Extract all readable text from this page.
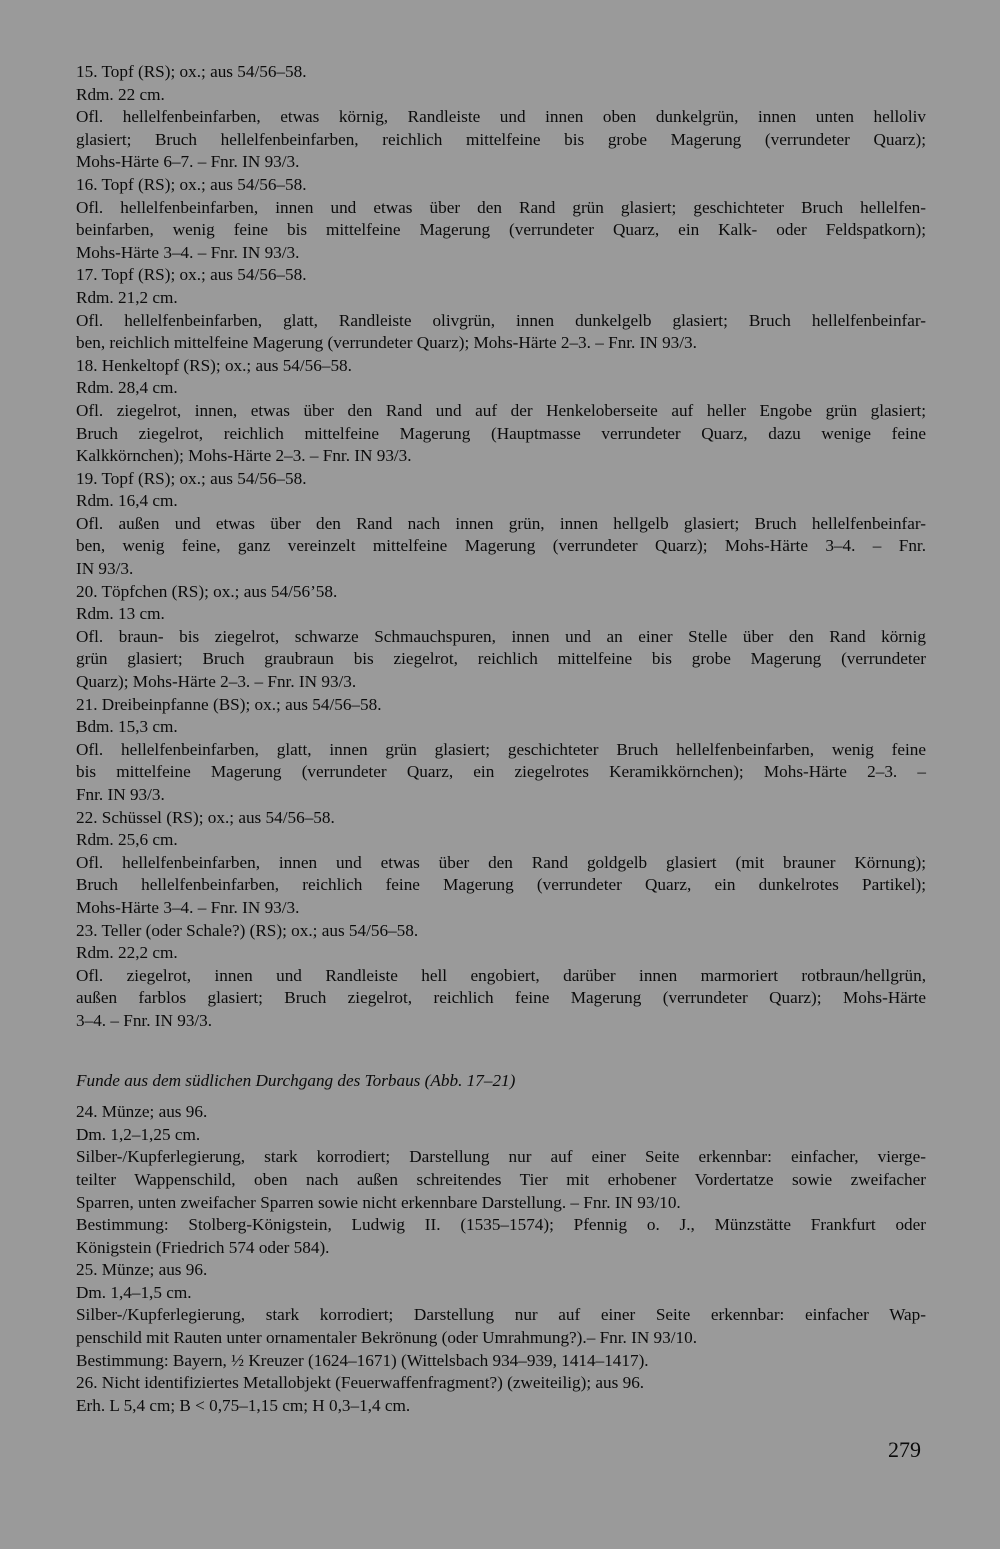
15. Topf (RS); ox.; aus 54/56–58.
Rdm. 22 cm.
Ofl. hellelfenbeinfarben, etwas körnig, Randleiste und innen oben dunkelgrün, innen unten helloliv
glasiert; Bruch hellelfenbeinfarben, reichlich mittelfeine bis grobe Magerung (verrundeter Quarz);
Mohs-Härte 6–7. – Fnr. IN 93/3.
16. Topf (RS); ox.; aus 54/56–58.
Ofl. hellelfenbeinfarben, innen und etwas über den Rand grün glasiert; geschichteter Bruch hellelfen-
beinfarben, wenig feine bis mittelfeine Magerung (verrundeter Quarz, ein Kalk- oder Feldspatkorn);
Mohs-Härte 3–4. – Fnr. IN 93/3.
17. Topf (RS); ox.; aus 54/56–58.
Rdm. 21,2 cm.
Ofl. hellelfenbeinfarben, glatt, Randleiste olivgrün, innen dunkelgelb glasiert; Bruch hellelfenbeinfar-
ben, reichlich mittelfeine Magerung (verrundeter Quarz); Mohs-Härte 2–3. – Fnr. IN 93/3.
18. Henkeltopf (RS); ox.; aus 54/56–58.
Rdm. 28,4 cm.
Ofl. ziegelrot, innen, etwas über den Rand und auf der Henkeloberseite auf heller Engobe grün glasiert;
Bruch ziegelrot, reichlich mittelfeine Magerung (Hauptmasse verrundeter Quarz, dazu wenige feine
Kalkkörnchen); Mohs-Härte 2–3. – Fnr. IN 93/3.
19. Topf (RS); ox.; aus 54/56–58.
Rdm. 16,4 cm.
Ofl. außen und etwas über den Rand nach innen grün, innen hellgelb glasiert; Bruch hellelfenbeinfar-
ben, wenig feine, ganz vereinzelt mittelfeine Magerung (verrundeter Quarz); Mohs-Härte 3–4. – Fnr.
IN 93/3.
20. Töpfchen (RS); ox.; aus 54/56’58.
Rdm. 13 cm.
Ofl. braun- bis ziegelrot, schwarze Schmauchspuren, innen und an einer Stelle über den Rand körnig
grün glasiert; Bruch graubraun bis ziegelrot, reichlich mittelfeine bis grobe Magerung (verrundeter
Quarz); Mohs-Härte 2–3. – Fnr. IN 93/3.
21. Dreibeinpfanne (BS); ox.; aus 54/56–58.
Bdm. 15,3 cm.
Ofl. hellelfenbeinfarben, glatt, innen grün glasiert; geschichteter Bruch hellelfenbeinfarben, wenig feine
bis mittelfeine Magerung (verrundeter Quarz, ein ziegelrotes Keramikkörnchen); Mohs-Härte 2–3. –
Fnr. IN 93/3.
22. Schüssel (RS); ox.; aus 54/56–58.
Rdm. 25,6 cm.
Ofl. hellelfenbeinfarben, innen und etwas über den Rand goldgelb glasiert (mit brauner Körnung);
Bruch hellelfenbeinfarben, reichlich feine Magerung (verrundeter Quarz, ein dunkelrotes Partikel);
Mohs-Härte 3–4. – Fnr. IN 93/3.
23. Teller (oder Schale?) (RS); ox.; aus 54/56–58.
Rdm. 22,2 cm.
Ofl. ziegelrot, innen und Randleiste hell engobiert, darüber innen marmoriert rotbraun/hellgrün,
außen farblos glasiert; Bruch ziegelrot, reichlich feine Magerung (verrundeter Quarz); Mohs-Härte
3–4. – Fnr. IN 93/3.
Funde aus dem südlichen Durchgang des Torbaus (Abb. 17–21)
24. Münze; aus 96.
Dm. 1,2–1,25 cm.
Silber-/Kupferlegierung, stark korrodiert; Darstellung nur auf einer Seite erkennbar: einfacher, vierge-
teilter Wappenschild, oben nach außen schreitendes Tier mit erhobener Vordertatze sowie zweifacher
Sparren, unten zweifacher Sparren sowie nicht erkennbare Darstellung. – Fnr. IN 93/10.
Bestimmung: Stolberg-Königstein, Ludwig II. (1535–1574); Pfennig o. J., Münzstätte Frankfurt oder
Königstein (Friedrich 574 oder 584).
25. Münze; aus 96.
Dm. 1,4–1,5 cm.
Silber-/Kupferlegierung, stark korrodiert; Darstellung nur auf einer Seite erkennbar: einfacher Wap-
penschild mit Rauten unter ornamentaler Bekrönung (oder Umrahmung?).– Fnr. IN 93/10.
Bestimmung: Bayern, ½ Kreuzer (1624–1671) (Wittelsbach 934–939, 1414–1417).
26. Nicht identifiziertes Metallobjekt (Feuerwaffenfragment?) (zweiteilig); aus 96.
Erh. L 5,4 cm; B < 0,75–1,15 cm; H 0,3–1,4 cm.
279
